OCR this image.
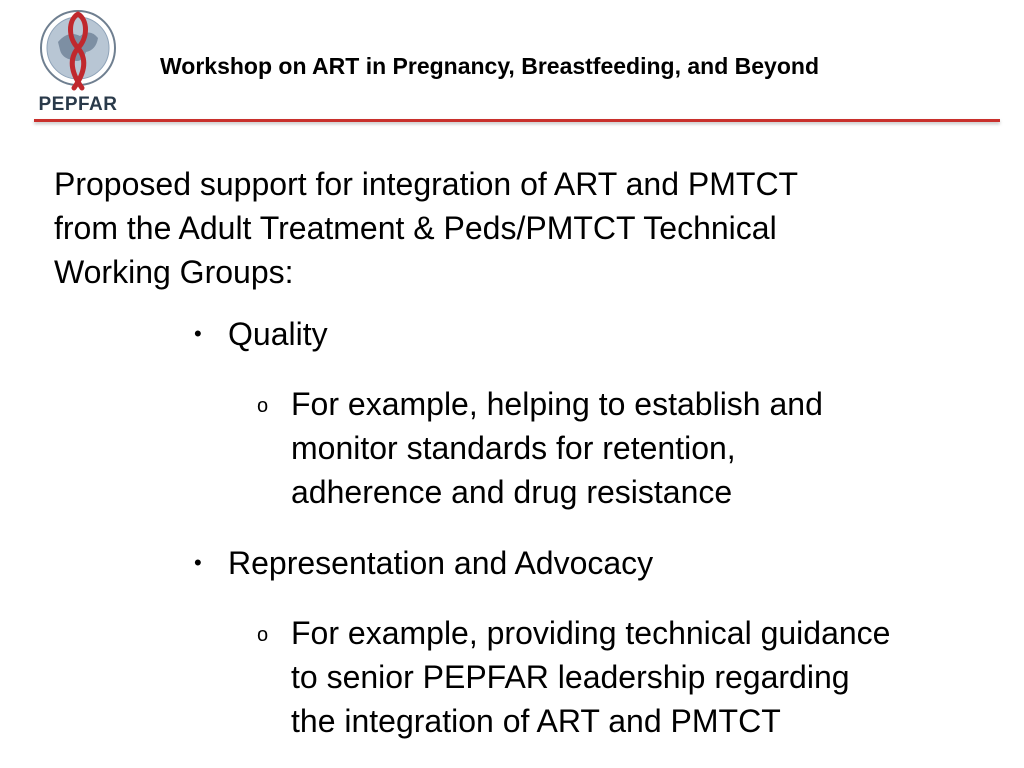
PEPFAR
Workshop on ART in Pregnancy, Breastfeeding, and Beyond
Proposed support for integration of ART and PMTCT
from the Adult Treatment & Peds/PMTCT Technical
Working Groups:
• Quality
o For example, helping to establish and
monitor standards for retention,
adherence and drug resistance
• Representation and Advocacy
o For example, providing technical guidance
to senior PEPFAR leadership regarding
the integration of ART and PMTCT
